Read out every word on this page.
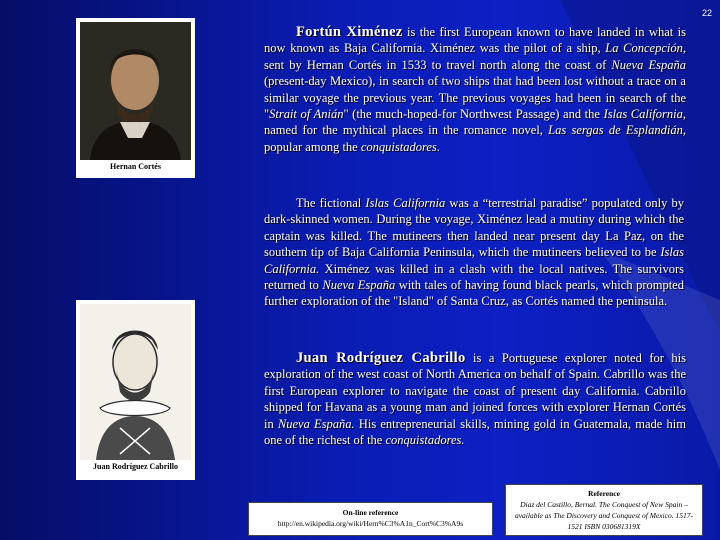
22
Hernan Cortés
Juan Rodríguez Cabrillo

Fortún Ximénez is the first European known to have landed in what is now known as Baja California. Ximénez was the pilot of a ship, La Concepción, sent by Hernan Cortés in 1533 to travel north along the coast of Nueva España (present-day Mexico), in search of two ships that had been lost without a trace on a similar voyage the previous year. The previous voyages had been in search of the "Strait of Anián" (the much-hoped-for Northwest Passage) and the Islas California, named for the mythical places in the romance novel, Las sergas de Esplandián, popular among the conquistadores.

The fictional Islas California was a “terrestrial paradise” populated only by dark-skinned women. During the voyage, Ximénez lead a mutiny during which the captain was killed. The mutineers then landed near present day La Paz, on the southern tip of Baja California Peninsula, which the mutineers believed to be Islas California. Ximénez was killed in a clash with the local natives. The survivors returned to Nueva España with tales of having found black pearls, which prompted further exploration of the "Island" of Santa Cruz, as Cortés named the peninsula.

Juan Rodríguez Cabrillo is a Portuguese explorer noted for his exploration of the west coast of North America on behalf of Spain. Cabrillo was the first European explorer to navigate the coast of present day California. Cabrillo shipped for Havana as a young man and joined forces with explorer Hernan Cortés in Nueva España. His entrepreneurial skills, mining gold in Guatemala, made him one of the richest of the conquistadores.

On-line reference
http://en.wikipedia.org/wiki/Hern%C3%A1n_Cort%C3%A9s
Reference
Diaz del Castillo, Bernal. The Conquest of New Spain – available as The Discovery and Conquest of Mexico. 1517-1521 ISBN 030681319X
